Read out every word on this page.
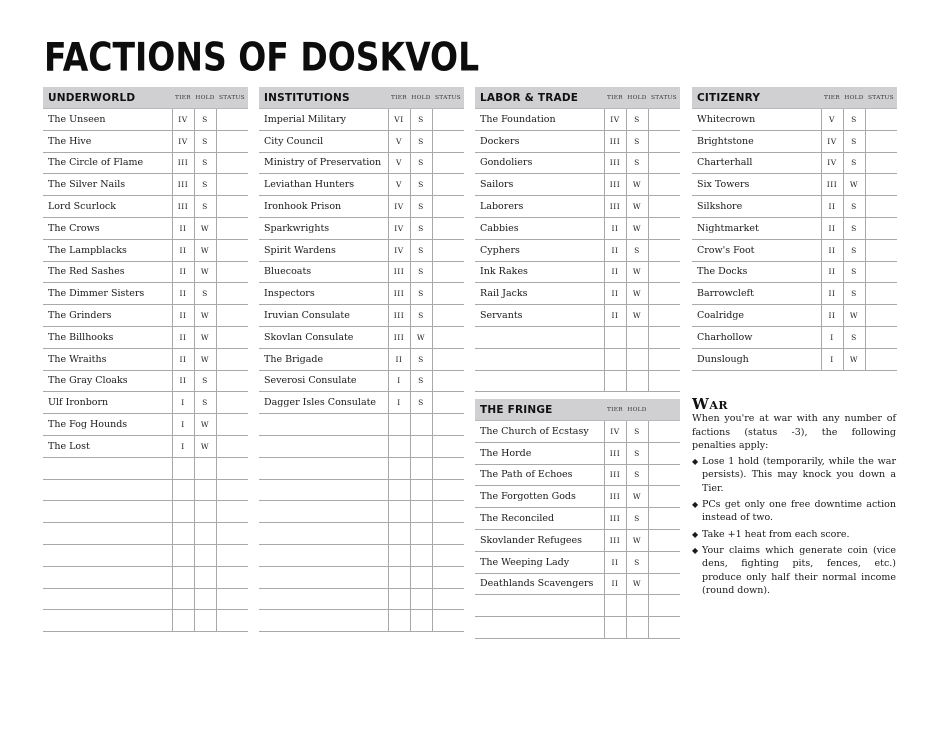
FACTIONS OF DOSKVOL
UNDERWORLD	TIER	HOLD	STATUS
The Unseen	IV	S	
The Hive	IV	S	
The Circle of Flame	III	S	
The Silver Nails	III	S	
Lord Scurlock	III	S	
The Crows	II	W	
The Lampblacks	II	W	
The Red Sashes	II	W	
The Dimmer Sisters	II	S	
The Grinders	II	W	
The Billhooks	II	W	
The Wraiths	II	W	
The Gray Cloaks	II	S	
Ulf Ironborn	I	S	
The Fog Hounds	I	W	
The Lost	I	W	

INSTITUTIONS	TIER	HOLD	STATUS
Imperial Military	VI	S	
City Council	V	S	
Ministry of Preservation	V	S	
Leviathan Hunters	V	S	
Ironhook Prison	IV	S	
Sparkwrights	IV	S	
Spirit Wardens	IV	S	
Bluecoats	III	S	
Inspectors	III	S	
Iruvian Consulate	III	S	
Skovlan Consulate	III	W	
The Brigade	II	S	
Severosi Consulate	I	S	
Dagger Isles Consulate	I	S	

LABOR & TRADE	TIER	HOLD	STATUS
The Foundation	IV	S	
Dockers	III	S	
Gondoliers	III	S	
Sailors	III	W	
Laborers	III	W	
Cabbies	II	W	
Cyphers	II	S	
Ink Rakes	II	W	
Rail Jacks	II	W	
Servants	II	W	

CITIZENRY	TIER	HOLD	STATUS
Whitecrown	V	S	
Brightstone	IV	S	
Charterhall	IV	S	
Six Towers	III	W	
Silkshore	II	S	
Nightmarket	II	S	
Crow's Foot	II	S	
The Docks	II	S	
Barrowcleft	II	S	
Coalridge	II	W	
Charhollow	I	S	
Dunslough	I	W	
THE FRINGE	TIER	HOLD	
The Church of Ecstasy	IV	S	
The Horde	III	S	
The Path of Echoes	III	S	
The Forgotten Gods	III	W	
The Reconciled	III	S	
Skovlander Refugees	III	W	
The Weeping Lady	II	S	
Deathlands Scavengers	II	W	

War

When you're at war with any number of factions (status -3), the following penalties apply:

◆ Lose 1 hold (temporarily, while the war persists). This may knock you down a Tier.
◆ PCs get only one free downtime action instead of two.
◆ Take +1 heat from each score.
◆ Your claims which generate coin (vice dens, fighting pits, fences, etc.) produce only half their normal income (round down).
